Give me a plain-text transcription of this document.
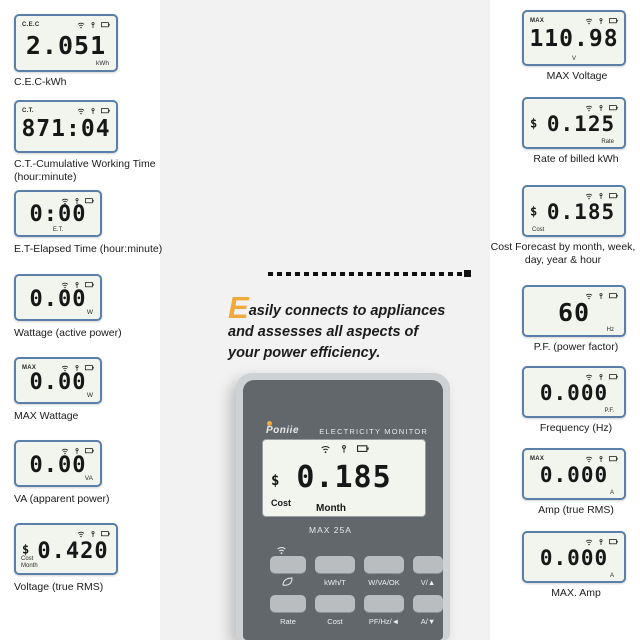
C.E.C
2.051
kWh
C.E.C-kWh
C.T.
871:04
C.T.-Cumulative Working Time (hour:minute)
0:00
E.T.
E.T-Elapsed Time (hour:minute)
0.00
W
Wattage (active power)
MAX
0.00
W
MAX Wattage
0.00
VA
VA (apparent power)
$ 0.420
Cost
Month
Voltage (true RMS)
MAX
110.98
V
MAX Voltage
$ 0.125
Rate
Rate of billed kWh
$ 0.185
Cost
Cost Forecast by month, week, day, year & hour
60
Hz
P.F. (power factor)
0.000
P.F.
Frequency (Hz)
MAX
0.000
A
Amp (true RMS)
0.000
A
MAX. Amp
Easily connects to appliances
and assesses all aspects of
your power efficiency.
Poniie	ELECTRICITY MONITOR
$ 0.185
Cost	Month
MAX 25A
kWh/T	W/VA/OK	V/▲
Rate	Cost	PF/Hz/◄	A/▼
